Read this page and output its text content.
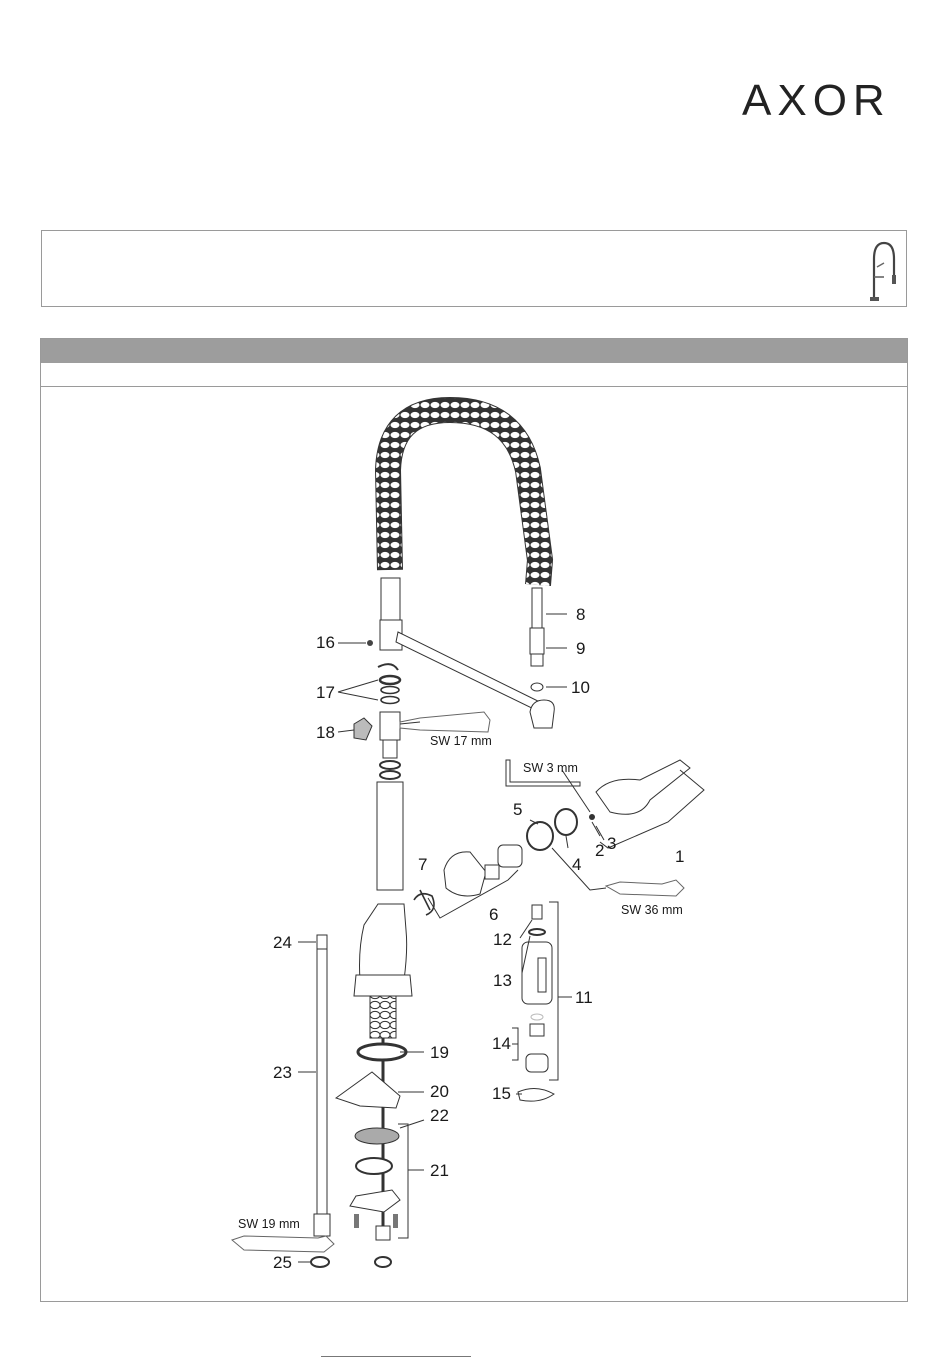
AXOR
1
2 3
4
5
6
7
8
9
10
11
12
13
14
15
16
17
18
19
20
21
22
23
24
25
SW 17 mm
SW 3 mm
SW 36 mm
SW 19 mm
